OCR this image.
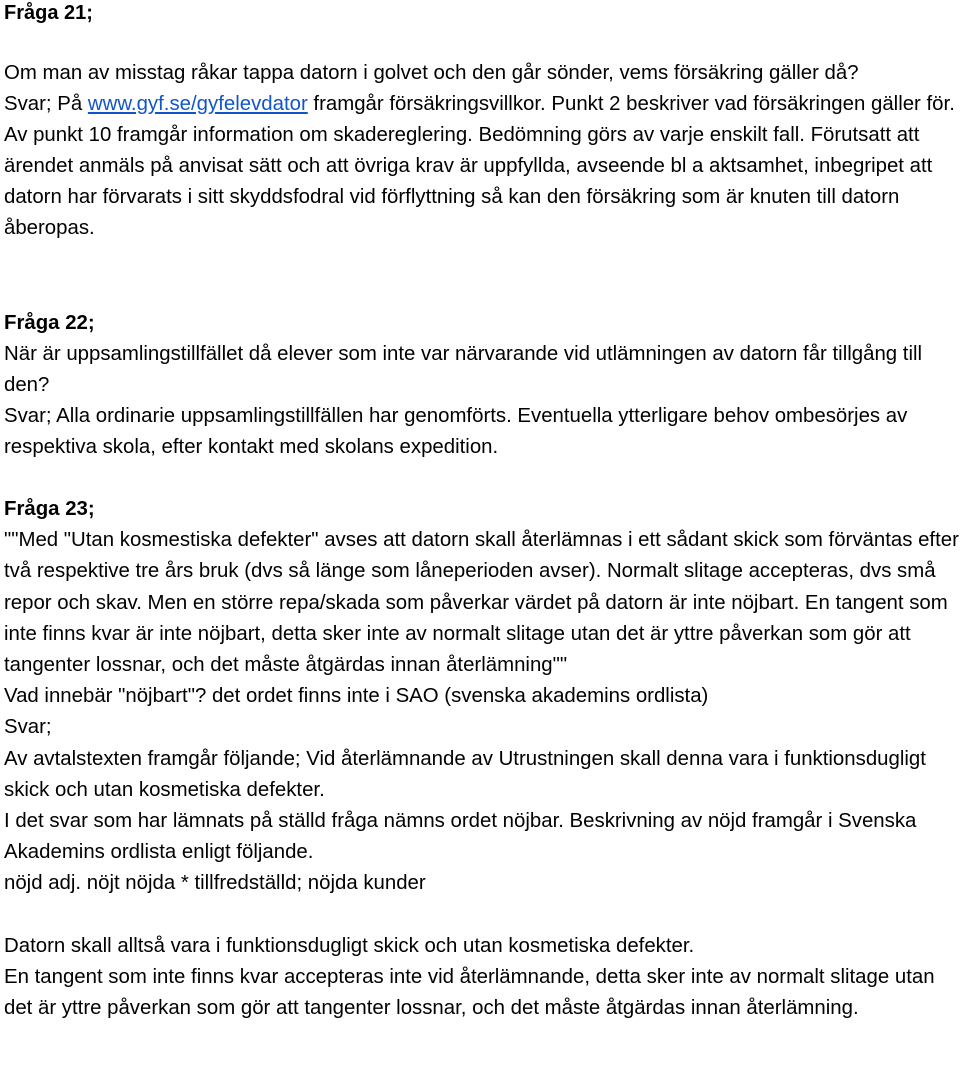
Fråga 21;

Om man av misstag råkar tappa datorn i golvet och den går sönder, vems försäkring gäller då?

Svar; På www.gyf.se/gyfelevdator framgår försäkringsvillkor. Punkt 2 beskriver vad försäkringen gäller för. Av punkt 10 framgår information om skadereglering. Bedömning görs av varje enskilt fall. Förutsatt att ärendet anmäls på anvisat sätt och att övriga krav är uppfyllda, avseende bl a aktsamhet, inbegripet att datorn har förvarats i sitt skyddsfodral vid förflyttning så kan den försäkring som är knuten till datorn åberopas.

Fråga 22;

När är uppsamlingstillfället då elever som inte var närvarande vid utlämningen av datorn får tillgång till den?

Svar; Alla ordinarie uppsamlingstillfällen har genomförts. Eventuella ytterligare behov ombesörjes av respektiva skola, efter kontakt med skolans expedition.

Fråga 23;

""Med "Utan kosmestiska defekter" avses att datorn skall återlämnas i ett sådant skick som förväntas efter två respektive tre års bruk (dvs så länge som låneperioden avser). Normalt slitage accepteras, dvs små repor och skav. Men en större repa/skada som påverkar värdet på datorn är inte nöjbart. En tangent som inte finns kvar är inte nöjbart, detta sker inte av normalt slitage utan det är yttre påverkan som gör att tangenter lossnar, och det måste åtgärdas innan återlämning""

Vad innebär "nöjbart"? det ordet finns inte i SAO (svenska akademins ordlista)

Svar;

Av avtalstexten framgår följande; Vid återlämnande av Utrustningen skall denna vara i funktionsdugligt skick och utan kosmetiska defekter.

I det svar som har lämnats på ställd fråga nämns ordet nöjbar. Beskrivning av nöjd framgår i Svenska Akademins ordlista enligt följande.

nöjd adj. nöjt nöjda * tillfredställd; nöjda kunder

Datorn skall alltså vara i funktionsdugligt skick och utan kosmetiska defekter.

En tangent som inte finns kvar accepteras inte vid återlämnande, detta sker inte av normalt slitage utan det är yttre påverkan som gör att tangenter lossnar, och det måste åtgärdas innan återlämning.
